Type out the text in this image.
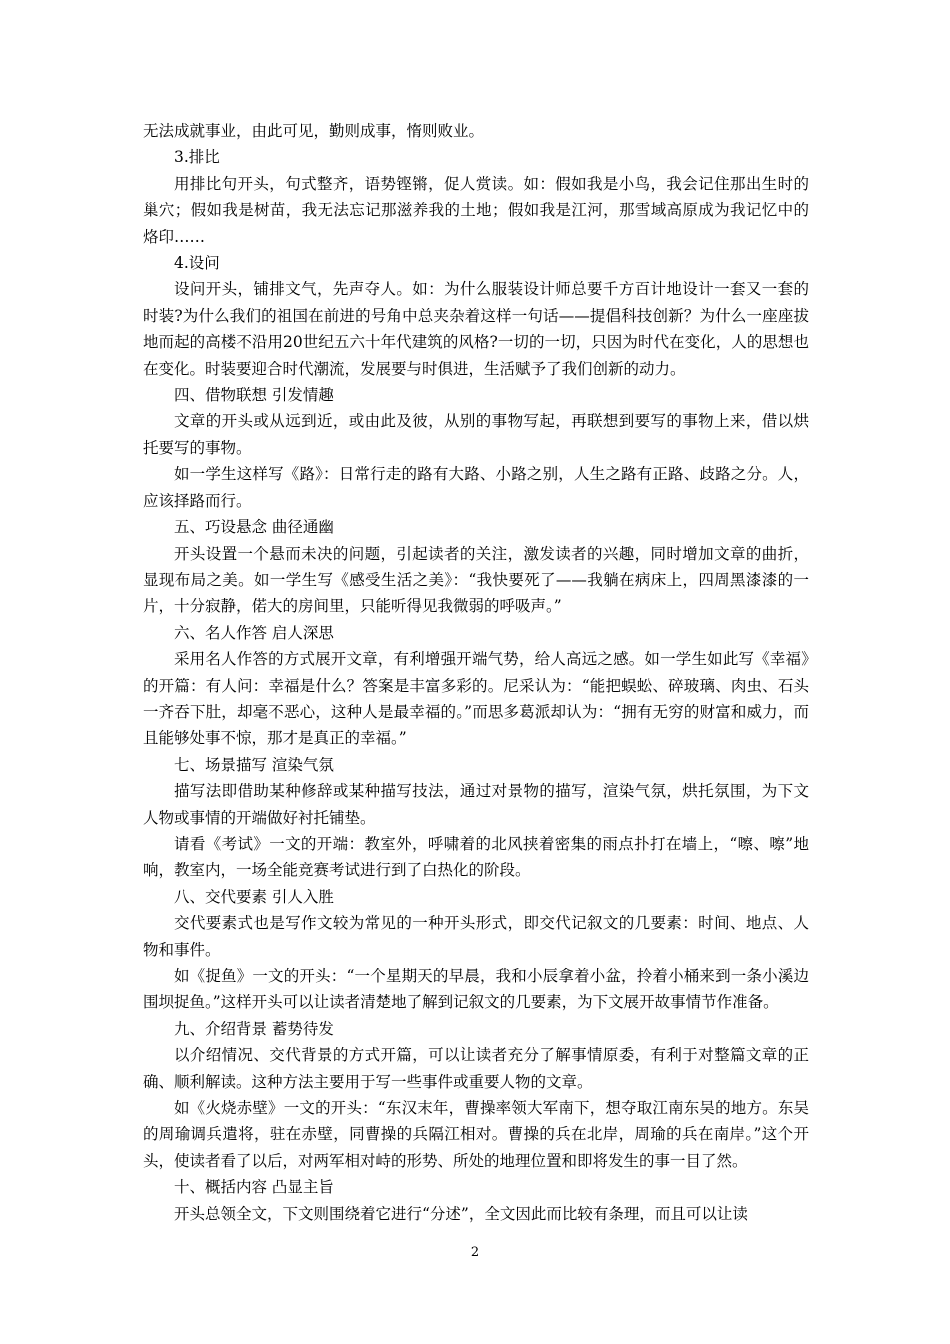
无法成就事业，由此可见，勤则成事，惰则败业。

3.排比

用排比句开头，句式整齐，语势铿锵，促人赏读。如：假如我是小鸟，我会记住那出生时的巢穴；假如我是树苗，我无法忘记那滋养我的土地；假如我是江河，那雪域高原成为我记忆中的烙印……

4.设问

设问开头，铺排文气，先声夺人。如：为什么服装设计师总要千方百计地设计一套又一套的时装?为什么我们的祖国在前进的号角中总夹杂着这样一句话——提倡科技创新？为什么一座座拔地而起的高楼不沿用20世纪五六十年代建筑的风格?一切的一切，只因为时代在变化，人的思想也在变化。时装要迎合时代潮流，发展要与时俱进，生活赋予了我们创新的动力。

四、借物联想 引发情趣

文章的开头或从远到近，或由此及彼，从别的事物写起，再联想到要写的事物上来，借以烘托要写的事物。

如一学生这样写《路》：日常行走的路有大路、小路之别，人生之路有正路、歧路之分。人，应该择路而行。

五、巧设悬念 曲径通幽

开头设置一个悬而未决的问题，引起读者的关注，激发读者的兴趣，同时增加文章的曲折，显现布局之美。如一学生写《感受生活之美》：“我快要死了——我躺在病床上，四周黑漆漆的一片，十分寂静，偌大的房间里，只能听得见我微弱的呼吸声。”

六、名人作答 启人深思

采用名人作答的方式展开文章，有利增强开端气势，给人高远之感。如一学生如此写《幸福》的开篇：有人问：幸福是什么？答案是丰富多彩的。尼采认为：“能把蜈蚣、碎玻璃、肉虫、石头一齐吞下肚，却毫不恶心，这种人是最幸福的。”而思多葛派却认为：“拥有无穷的财富和威力，而且能够处事不惊，那才是真正的幸福。”

七、场景描写 渲染气氛

描写法即借助某种修辞或某种描写技法，通过对景物的描写，渲染气氛，烘托氛围，为下文人物或事情的开端做好衬托铺垫。

请看《考试》一文的开端：教室外，呼啸着的北风挟着密集的雨点扑打在墙上，“嚓、嚓”地响，教室内，一场全能竞赛考试进行到了白热化的阶段。

八、交代要素 引人入胜

交代要素式也是写作文较为常见的一种开头形式，即交代记叙文的几要素：时间、地点、人物和事件。

如《捉鱼》一文的开头：“一个星期天的早晨，我和小辰拿着小盆，拎着小桶来到一条小溪边围坝捉鱼。”这样开头可以让读者清楚地了解到记叙文的几要素，为下文展开故事情节作准备。

九、介绍背景 蓄势待发

以介绍情况、交代背景的方式开篇，可以让读者充分了解事情原委，有利于对整篇文章的正确、顺利解读。这种方法主要用于写一些事件或重要人物的文章。

如《火烧赤壁》一文的开头：“东汉末年，曹操率领大军南下，想夺取江南东吴的地方。东吴的周瑜调兵遣将，驻在赤壁，同曹操的兵隔江相对。曹操的兵在北岸，周瑜的兵在南岸。”这个开头，使读者看了以后，对两军相对峙的形势、所处的地理位置和即将发生的事一目了然。

十、概括内容 凸显主旨

开头总领全文，下文则围绕着它进行“分述”，全文因此而比较有条理，而且可以让读

2
